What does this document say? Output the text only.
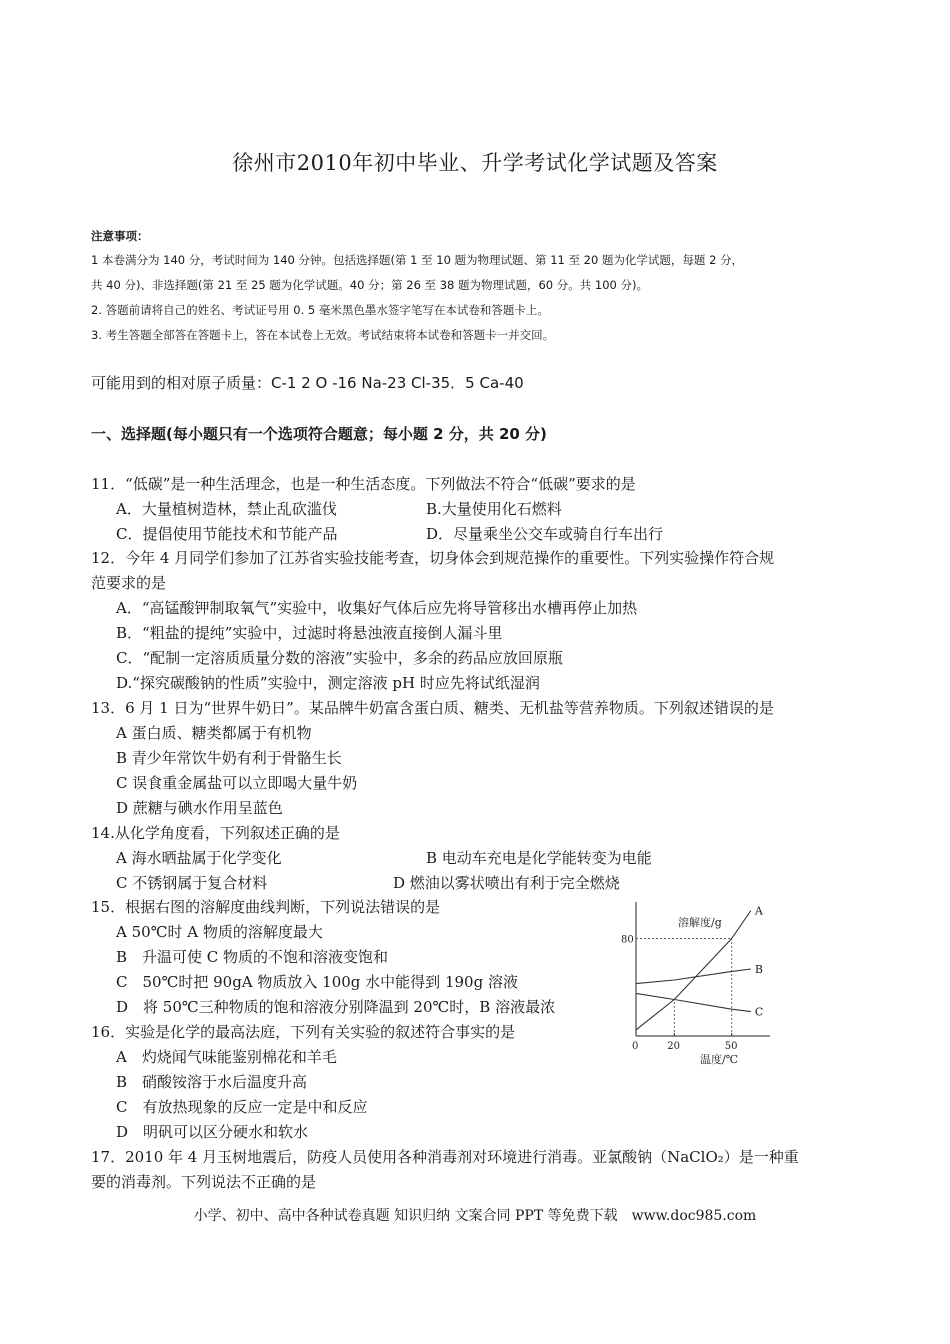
徐州市2010年初中毕业、升学考试化学试题及答案
注意事项：
1 本卷满分为 140 分，考试时间为 140 分钟。包括选择题(第 1 至 10 题为物理试题、第 11 至 20 题为化学试题，每题 2 分，
共 40 分)、非选择题(第 21 至 25 题为化学试题。40 分；第 26 至 38 题为物理试题，60 分。共 100 分)。
2. 答题前请将自己的姓名、考试证号用 0. 5 毫米黑色墨水签字笔写在本试卷和答题卡上。
3. 考生答题全部答在答题卡上，答在本试卷上无效。考试结束将本试卷和答题卡一并交回。
可能用到的相对原子质量：C-1 2 O -16 Na-23 Cl-35．5 Ca-40
一、选择题(每小题只有一个选项符合题意；每小题 2 分，共 20 分)
11．“低碳”是一种生活理念，也是一种生活态度。下列做法不符合“低碳”要求的是
A．大量植树造林，禁止乱砍滥伐	B.大量使用化石燃料
C．提倡使用节能技术和节能产品	D．尽量乘坐公交车或骑自行车出行
12．今年 4 月同学们参加了江苏省实验技能考查，切身体会到规范操作的重要性。下列实验操作符合规
范要求的是
A．“高锰酸钾制取氧气”实验中，收集好气体后应先将导管移出水槽再停止加热
B．“粗盐的提纯”实验中，过滤时将悬浊液直接倒人漏斗里
C．“配制一定溶质质量分数的溶液”实验中，多余的药品应放回原瓶
D.“探究碳酸钠的性质”实验中，测定溶液 pH 时应先将试纸湿润
13．6 月 1 日为“世界牛奶日”。某品牌牛奶富含蛋白质、糖类、无机盐等营养物质。下列叙述错误的是
A 蛋白质、糖类都属于有机物
B 青少年常饮牛奶有利于骨骼生长
C 误食重金属盐可以立即喝大量牛奶
D 蔗糖与碘水作用呈蓝色
14.从化学角度看，下列叙述正确的是
A 海水晒盐属于化学变化	B 电动车充电是化学能转变为电能
C 不锈钢属于复合材料	D 燃油以雾状喷出有利于完全燃烧
15．根据右图的溶解度曲线判断，下列说法错误的是
A 50℃时 A 物质的溶解度最大
B　升温可使 C 物质的不饱和溶液变饱和
C　50℃时把 90gA 物质放入 100g 水中能得到 190g 溶液
D　将 50℃三种物质的饱和溶液分别降温到 20℃时，B 溶液最浓
16．实验是化学的最高法庭，下列有关实验的叙述符合事实的是
A　灼烧闻气味能鉴别棉花和羊毛
B　硝酸铵溶于水后温度升高
C　有放热现象的反应一定是中和反应
D　明矾可以区分硬水和软水
17．2010 年 4 月玉树地震后，防疫人员使用各种消毒剂对环境进行消毒。亚氯酸钠（NaClO₂）是一种重
要的消毒剂。下列说法不正确的是
溶解度/g
温度/℃
0	20	50
80
A
B
C
小学、初中、高中各种试卷真题 知识归纳 文案合同 PPT 等免费下载　www.doc985.com
